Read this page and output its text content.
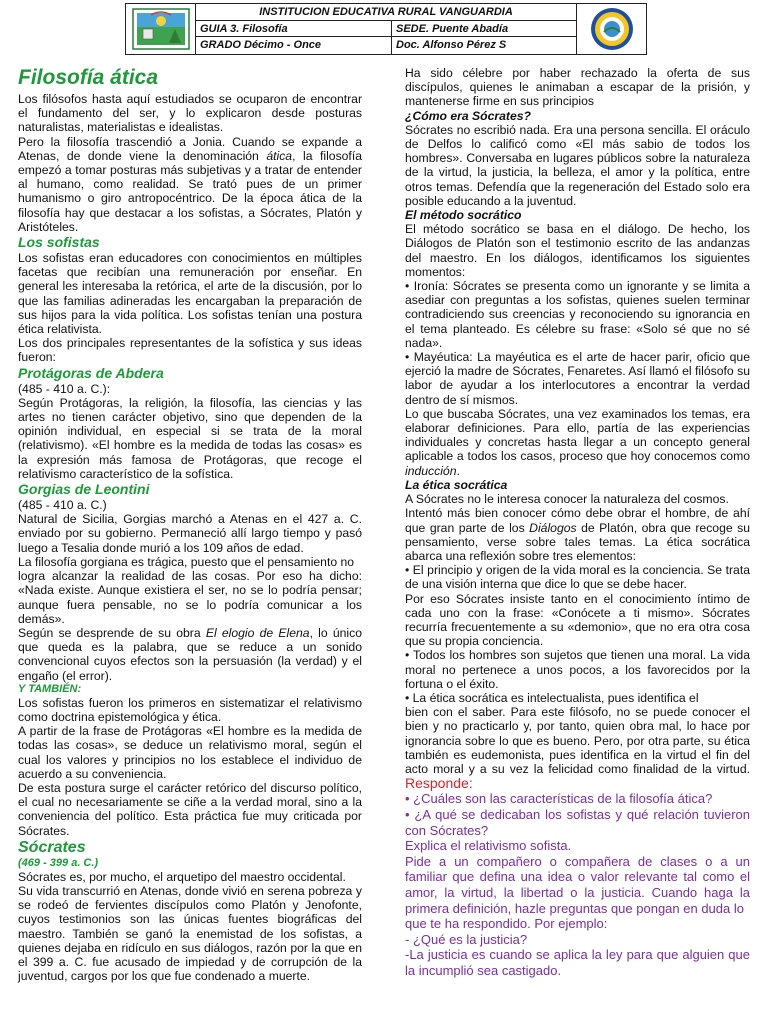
INSTITUCION EDUCATIVA RURAL VANGUARDIA
GUIA 3. Filosofía	SEDE. Puente Abadía
GRADO Décimo - Once	Doc. Alfonso Pérez S
Filosofía ática

Los filósofos hasta aquí estudiados se ocuparon de encontrar el fundamento del ser, y lo explicaron desde posturas naturalistas, materialistas e idealistas.

Pero la filosofía trascendió a Jonia. Cuando se expande a Atenas, de donde viene la denominación ática, la filosofía empezó a tomar posturas más subjetivas y a tratar de entender al humano, como realidad. Se trató pues de un primer humanismo o giro antropocéntrico. De la época ática de la filosofía hay que destacar a los sofistas, a Sócrates, Platón y Aristóteles.

Los sofistas

Los sofistas eran educadores con conocimientos en múltiples facetas que recibían una remuneración por enseñar. En general les interesaba la retórica, el arte de la discusión, por lo que las familias adineradas les encargaban la preparación de sus hijos para la vida política. Los sofistas tenían una postura ética relativista.

Los dos principales representantes de la sofística y sus ideas fueron:

Protágoras de Abdera

(485 - 410 a. C.):

Según Protágoras, la religión, la filosofía, las ciencias y las artes no tienen carácter objetivo, sino que dependen de la opinión individual, en especial si se trata de la moral (relativismo). «El hombre es la medida de todas las cosas» es la expresión más famosa de Protágoras, que recoge el relativismo característico de la sofística.

Gorgias de Leontini

(485 - 410 a. C.)

Natural de Sicilia, Gorgias marchó a Atenas en el 427 a. C. enviado por su gobierno. Permaneció allí largo tiempo y pasó luego a Tesalia donde murió a los 109 años de edad.

La filosofía gorgiana es trágica, puesto que el pensamiento no

logra alcanzar la realidad de las cosas. Por eso ha dicho: «Nada existe. Aunque existiera el ser, no se lo podría pensar; aunque fuera pensable, no se lo podría comunicar a los demás».

Según se desprende de su obra El elogio de Elena, lo único que queda es la palabra, que se reduce a un sonido convencional cuyos efectos son la persuasión (la verdad) y el engaño (el error).

Y TAMBIÉN:

Los sofistas fueron los primeros en sistematizar el relativismo como doctrina epistemológica y ética.

A partir de la frase de Protágoras «El hombre es la medida de todas las cosas», se deduce un relativismo moral, según el cual los valores y principios no los establece el individuo de acuerdo a su conveniencia.

De esta postura surge el carácter retórico del discurso político, el cual no necesariamente se ciñe a la verdad moral, sino a la conveniencia del político. Esta práctica fue muy criticada por Sócrates.

Sócrates
(469 - 399 a. C.)

Sócrates es, por mucho, el arquetipo del maestro occidental.

Su vida transcurrió en Atenas, donde vivió en serena pobreza y se rodeó de fervientes discípulos como Platón y Jenofonte, cuyos testimonios son las únicas fuentes biográficas del maestro. También se ganó la enemistad de los sofistas, a quienes dejaba en ridículo en sus diálogos, razón por la que en el 399 a. C. fue acusado de impiedad y de corrupción de la juventud, cargos por los que fue condenado a muerte.

Ha sido célebre por haber rechazado la oferta de sus discípulos, quienes le animaban a escapar de la prisión, y mantenerse firme en sus principios

¿Cómo era Sócrates?

Sócrates no escribió nada. Era una persona sencilla. El oráculo de Delfos lo calificó como «El más sabio de todos los hombres». Conversaba en lugares públicos sobre la naturaleza de la virtud, la justicia, la belleza, el amor y la política, entre otros temas. Defendía que la regeneración del Estado solo era posible educando a la juventud.

El método socrático

El método socrático se basa en el diálogo. De hecho, los Diálogos de Platón son el testimonio escrito de las andanzas del maestro. En los diálogos, identificamos los siguientes momentos:

• Ironía: Sócrates se presenta como un ignorante y se limita a asediar con preguntas a los sofistas, quienes suelen terminar contradiciendo sus creencias y reconociendo su ignorancia en el tema planteado. Es célebre su frase: «Solo sé que no sé nada».

• Mayéutica: La mayéutica es el arte de hacer parir, oficio que ejerció la madre de Sócrates, Fenaretes. Así llamó el filósofo su labor de ayudar a los interlocutores a encontrar la verdad dentro de sí mismos.

Lo que buscaba Sócrates, una vez examinados los temas, era elaborar definiciones. Para ello, partía de las experiencias individuales y concretas hasta llegar a un concepto general aplicable a todos los casos, proceso que hoy conocemos como inducción.

La ética socrática

A Sócrates no le interesa conocer la naturaleza del cosmos.

Intentó más bien conocer cómo debe obrar el hombre, de ahí que gran parte de los Diálogos de Platón, obra que recoge su pensamiento, verse sobre tales temas. La ética socrática abarca una reflexión sobre tres elementos:

• El principio y origen de la vida moral es la conciencia. Se trata de una visión interna que dice lo que se debe hacer.

Por eso Sócrates insiste tanto en el conocimiento íntimo de cada uno con la frase: «Conócete a ti mismo». Sócrates recurría frecuentemente a su «demonio», que no era otra cosa que su propia conciencia.

• Todos los hombres son sujetos que tienen una moral. La vida moral no pertenece a unos pocos, a los favorecidos por la fortuna o el éxito.

• La ética socrática es intelectualista, pues identifica el

bien con el saber. Para este filósofo, no se puede conocer el bien y no practicarlo y, por tanto, quien obra mal, lo hace por ignorancia sobre lo que es bueno. Pero, por otra parte, su ética también es eudemonista, pues identifica en la virtud el fin del acto moral y a su vez la felicidad como finalidad de la virtud. Responde:

• ¿Cuáles son las características de la filosofía ática?

• ¿A qué se dedicaban los sofistas y qué relación tuvieron con Sócrates?

Explica el relativismo sofista.

Pide a un compañero o compañera de clases o a un familiar que defina una idea o valor relevante tal como el amor, la virtud, la libertad o la justicia. Cuando haga la primera definición, hazle preguntas que pongan en duda lo

que te ha respondido. Por ejemplo:

- ¿Qué es la justicia?

-La justicia es cuando se aplica la ley para que alguien que la incumplió sea castigado.
